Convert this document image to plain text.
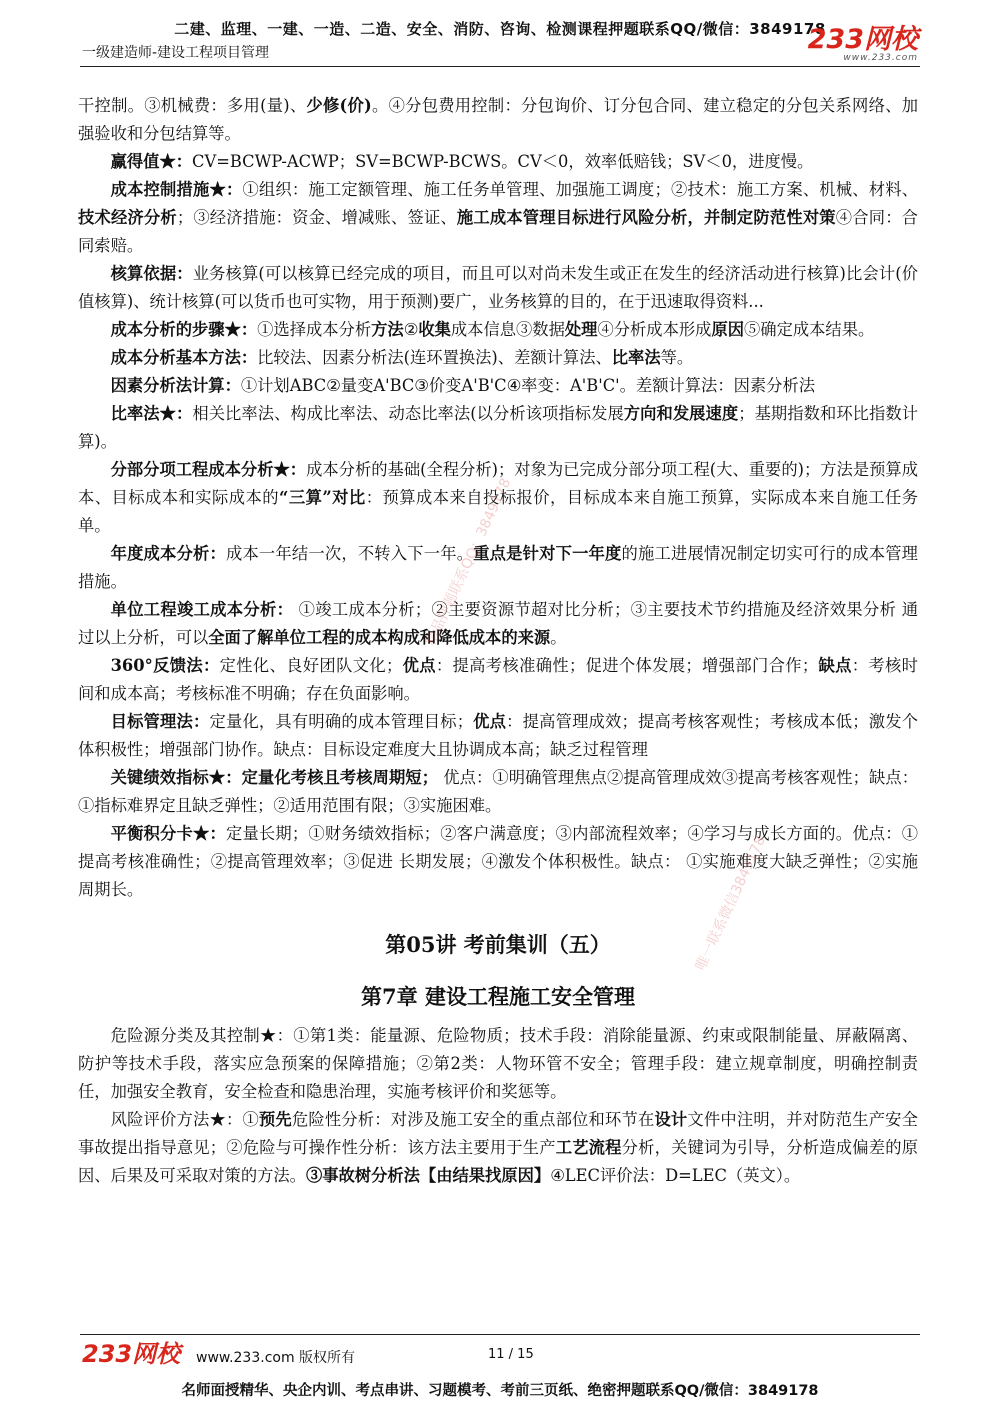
二建、监理、一建、一造、二造、安全、消防、咨询、检测课程押题联系QQ/微信：3849178
一级建造师-建设工程项目管理	233网校
www.233.com

干控制。③机械费：多用(量)、少修(价)。④分包费用控制：分包询价、订分包合同、建立稳定的分包关系网络、加强验收和分包结算等。

赢得值★：CV=BCWP-ACWP；SV=BCWP-BCWS。CV＜0，效率低赔钱；SV＜0，进度慢。

成本控制措施★：①组织：施工定额管理、施工任务单管理、加强施工调度；②技术：施工方案、机械、材料、技术经济分析；③经济措施：资金、增减账、签证、施工成本管理目标进行风险分析，并制定防范性对策④合同：合同索赔。

核算依据：业务核算(可以核算已经完成的项目，而且可以对尚未发生或正在发生的经济活动进行核算)比会计(价值核算)、统计核算(可以货币也可实物，用于预测)要广，业务核算的目的，在于迅速取得资料...

成本分析的步骤★：①选择成本分析方法②收集成本信息③数据处理④分析成本形成原因⑤确定成本结果。

成本分析基本方法：比较法、因素分析法(连环置换法)、差额计算法、比率法等。

因素分析法计算：①计划ABC②量变A'BC③价变A'B'C④率变：A'B'C'。差额计算法：因素分析法

比率法★：相关比率法、构成比率法、动态比率法(以分析该项指标发展方向和发展速度；基期指数和环比指数计算)。

分部分项工程成本分析★：成本分析的基础(全程分析)；对象为已完成分部分项工程(大、重要的)；方法是预算成本、目标成本和实际成本的“三算”对比：预算成本来自投标报价，目标成本来自施工预算，实际成本来自施工任务单。

年度成本分析：成本一年结一次，不转入下一年。重点是针对下一年度的施工进展情况制定切实可行的成本管理措施。

单位工程竣工成本分析： ①竣工成本分析；②主要资源节超对比分析；③主要技术节约措施及经济效果分析 通过以上分析，可以全面了解单位工程的成本构成和降低成本的来源。

360°反馈法：定性化、良好团队文化；优点：提高考核准确性；促进个体发展；增强部门合作；缺点：考核时间和成本高；考核标准不明确；存在负面影响。

目标管理法：定量化，具有明确的成本管理目标；优点：提高管理成效；提高考核客观性；考核成本低；激发个体积极性；增强部门协作。缺点：目标设定难度大且协调成本高；缺乏过程管理

关键绩效指标★：定量化考核且考核周期短； 优点：①明确管理焦点②提高管理成效③提高考核客观性；缺点：①指标难界定且缺乏弹性；②适用范围有限；③实施困难。

平衡积分卡★：定量长期；①财务绩效指标；②客户满意度；③内部流程效率；④学习与成长方面的。优点：①提高考核准确性；②提高管理效率；③促进 长期发展；④激发个体积极性。缺点： ①实施难度大缺乏弹性；②实施周期长。

第05讲 考前集训（五）
第7章 建设工程施工安全管理

危险源分类及其控制★：①第1类：能量源、危险物质；技术手段：消除能量源、约束或限制能量、屏蔽隔离、防护等技术手段，落实应急预案的保障措施；②第2类：人物环管不安全；管理手段：建立规章制度，明确控制责任，加强安全教育，安全检查和隐患治理，实施考核评价和奖惩等。

风险评价方法★：①预先危险性分析：对涉及施工安全的重点部位和环节在设计文件中注明，并对防范生产安全事故提出指导意见；②危险与可操作性分析：该方法主要用于生产工艺流程分析，关键词为引导，分析造成偏差的原因、后果及可采取对策的方法。③事故树分析法【由结果找原因】④LEC评价法：D=LEC（英文）。

精品押题联系QQ：3849178
唯一联系微信3849178
233网校 www.233.com 版权所有	11 / 15
名师面授精华、央企内训、考点串讲、习题模考、考前三页纸、绝密押题联系QQ/微信：3849178
